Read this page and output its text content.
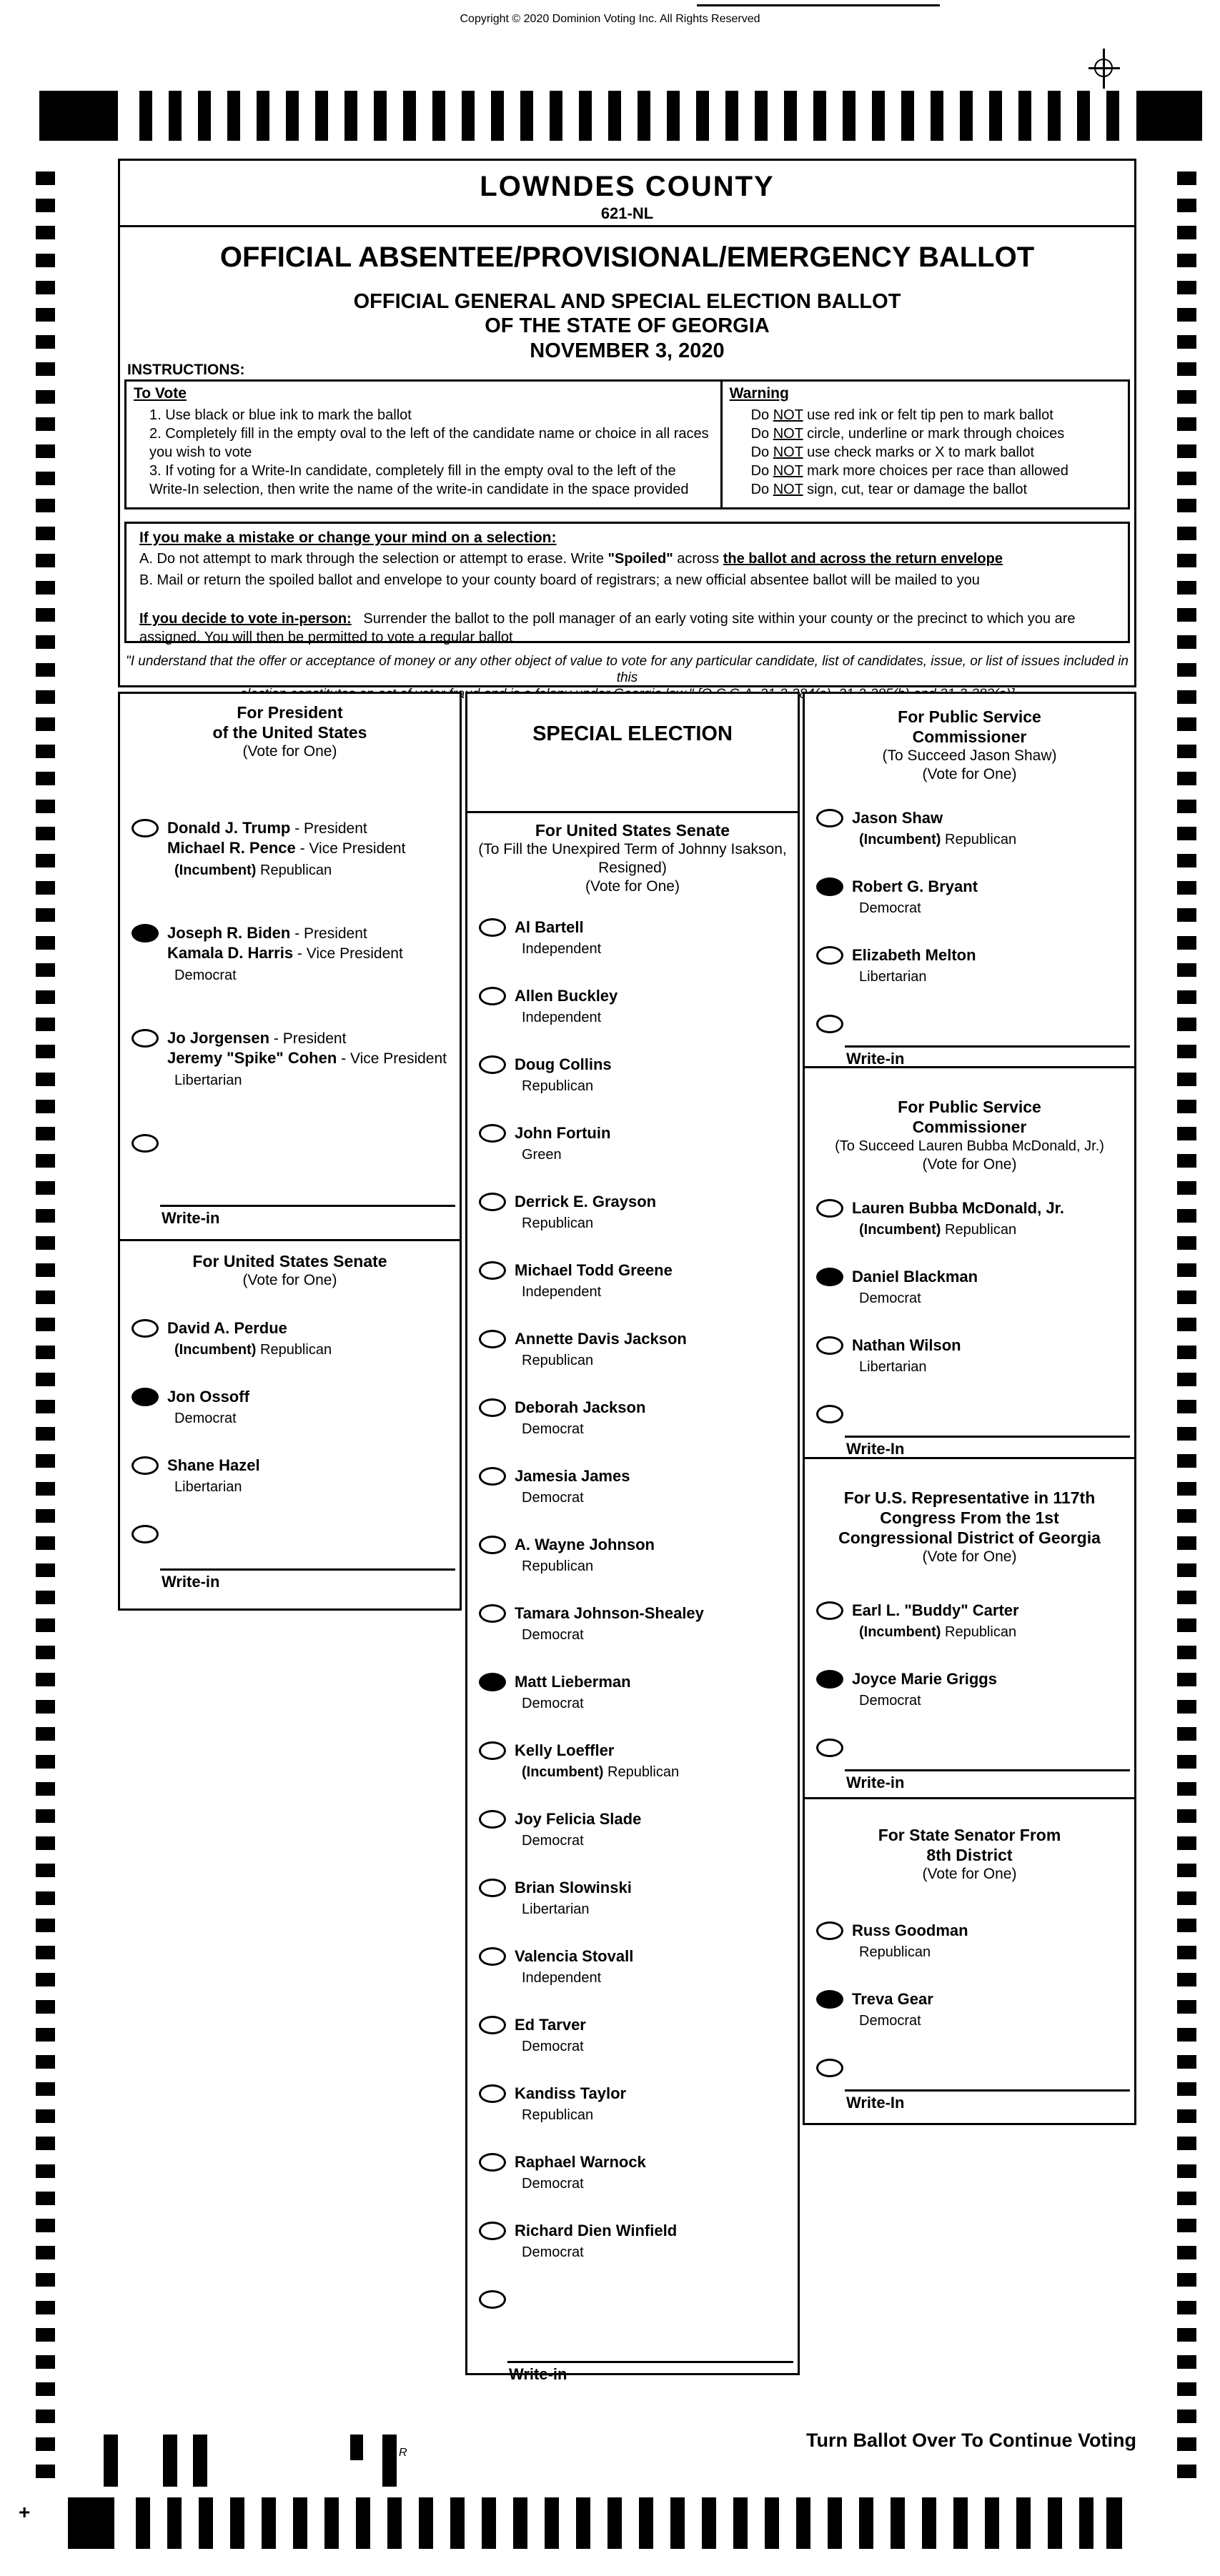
Copyright © 2020 Dominion Voting Inc. All Rights Reserved
LOWNDES COUNTY
621-NL
OFFICIAL ABSENTEE/PROVISIONAL/EMERGENCY BALLOT
OFFICIAL GENERAL AND SPECIAL ELECTION BALLOT
OF THE STATE OF GEORGIA
NOVEMBER 3, 2020
INSTRUCTIONS:
To Vote
1. Use black or blue ink to mark the ballot
2. Completely fill in the empty oval to the left of the candidate name or choice in all races you wish to vote
3. If voting for a Write-In candidate, completely fill in the empty oval to the left of the Write-In selection, then write the name of the write-in candidate in the space provided
Warning
Do NOT use red ink or felt tip pen to mark ballot
Do NOT circle, underline or mark through choices
Do NOT use check marks or X to mark ballot
Do NOT mark more choices per race than allowed
Do NOT sign, cut, tear or damage the ballot
If you make a mistake or change your mind on a selection:
A. Do not attempt to mark through the selection or attempt to erase. Write "Spoiled" across the ballot and across the return envelope
B. Mail or return the spoiled ballot and envelope to your county board of registrars; a new official absentee ballot will be mailed to you
If you decide to vote in-person: Surrender the ballot to the poll manager of an early voting site within your county or the precinct to which you are assigned. You will then be permitted to vote a regular ballot
"I understand that the offer or acceptance of money or any other object of value to vote for any particular candidate, list of candidates, issue, or list of issues included in this
fraud
For President
of the United States
(Vote for One)
Donald J. Trump - President
Michael R. Pence - Vice President
(Incumbent) Republican
Joseph R. Biden - President
Kamala D. Harris - Vice President
Democrat
Jo Jorgensen - President
Jeremy "Spike" Cohen - Vice President
Libertarian
Write-in
For United States Senate
(Vote for One)
David A. Perdue
(Incumbent) Republican
Jon Ossoff
Democrat
Shane Hazel
Libertarian
Write-in
SPECIAL ELECTION
For United States Senate
(To Fill the Unexpired Term of Johnny Isakson, Resigned)
(Vote for One)
Al Bartell
Independent
Allen Buckley
Independent
Doug Collins
Republican
John Fortuin
Green
Derrick E. Grayson
Republican
Michael Todd Greene
Independent
Annette Davis Jackson
Republican
Deborah Jackson
Democrat
Jamesia James
Democrat
A. Wayne Johnson
Republican
Tamara Johnson-Shealey
Democrat
Matt Lieberman
Democrat
Kelly Loeffler
(Incumbent) Republican
Joy Felicia Slade
Democrat
Brian Slowinski
Libertarian
Valencia Stovall
Independent
Ed Tarver
Democrat
Kandiss Taylor
Republican
Raphael Warnock
Democrat
Richard Dien Winfield
Democrat
Write-in
For Public Service
Commissioner
(To Succeed Jason Shaw)
(Vote for One)
Jason Shaw
(Incumbent) Republican
Robert G. Bryant
Democrat
Elizabeth Melton
Libertarian
Write-in
For Public Service
Commissioner
(To Succeed Lauren Bubba McDonald, Jr.)
(Vote for One)
Lauren Bubba McDonald, Jr.
(Incumbent) Republican
Daniel Blackman
Democrat
Nathan Wilson
Libertarian
Write-In
For U.S. Representative in 117th
Congress From the 1st
Congressional District of Georgia
(Vote for One)
Earl L. "Buddy" Carter
(Incumbent) Republican
Joyce Marie Griggs
Democrat
Write-in
For State Senator From
8th District
(Vote for One)
Russ Goodman
Republican
Treva Gear
Democrat
Write-In
R
+
Turn Ballot Over To Continue Voting
